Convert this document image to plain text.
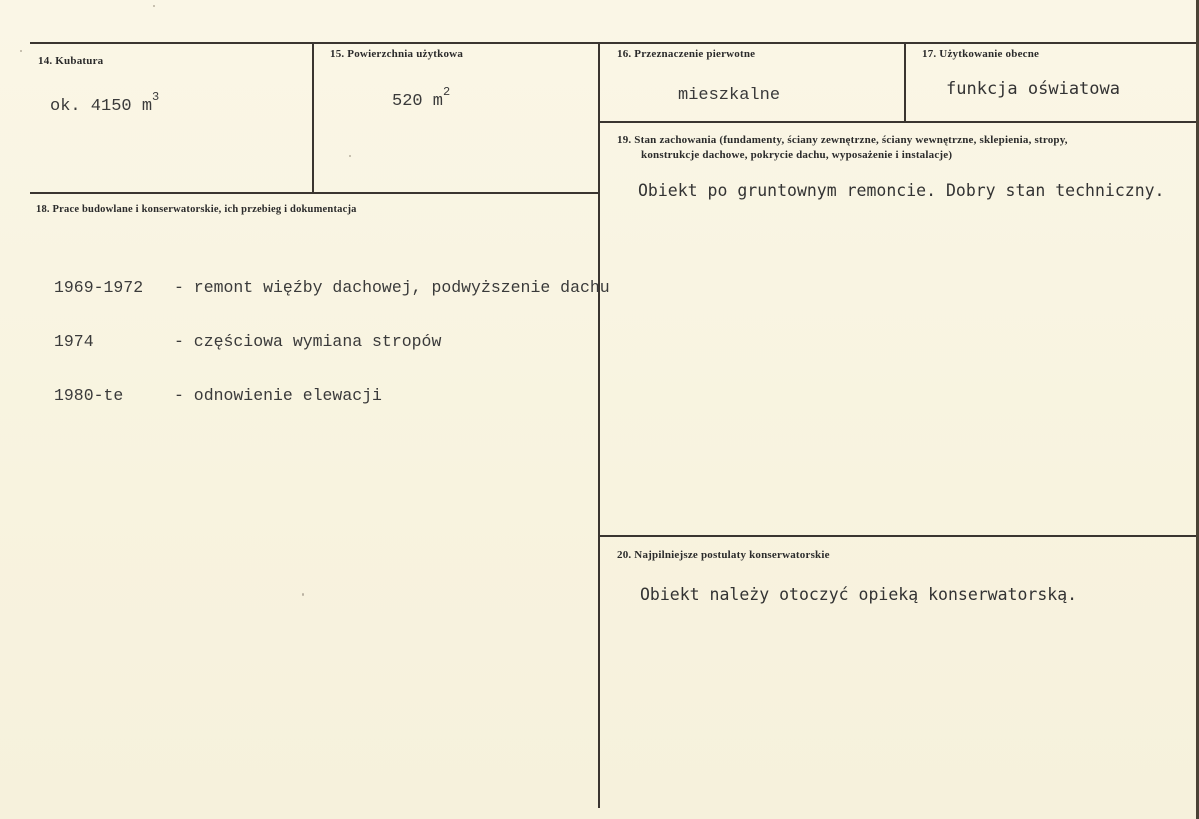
14. Kubatura
ok. 4150 $m^3$
15. Powierzchnia użytkowa
520 $m^2$
16. Przeznaczenie pierwotne
mieszkalne
17. Użytkowanie obecne
funkcja oświatowa
18. Prace budowlane i konserwatorskie, ich przebieg i dokumentacja

1969-1972 - remont więźby dachowej, podwyższenie dachu

1974	- częściowa wymiana stropów

1980-te	- odnowienie elewacji

19. Stan zachowania (fundamenty, ściany zewnętrzne, ściany wewnętrzne, sklepienia, stropy,
konstrukcje dachowe, pokrycie dachu, wyposażenie i instalacje)
Obiekt po gruntownym remoncie. Dobry stan techniczny.
20. Najpilniejsze postulaty konserwatorskie
Obiekt należy otoczyć opieką konserwatorską.
